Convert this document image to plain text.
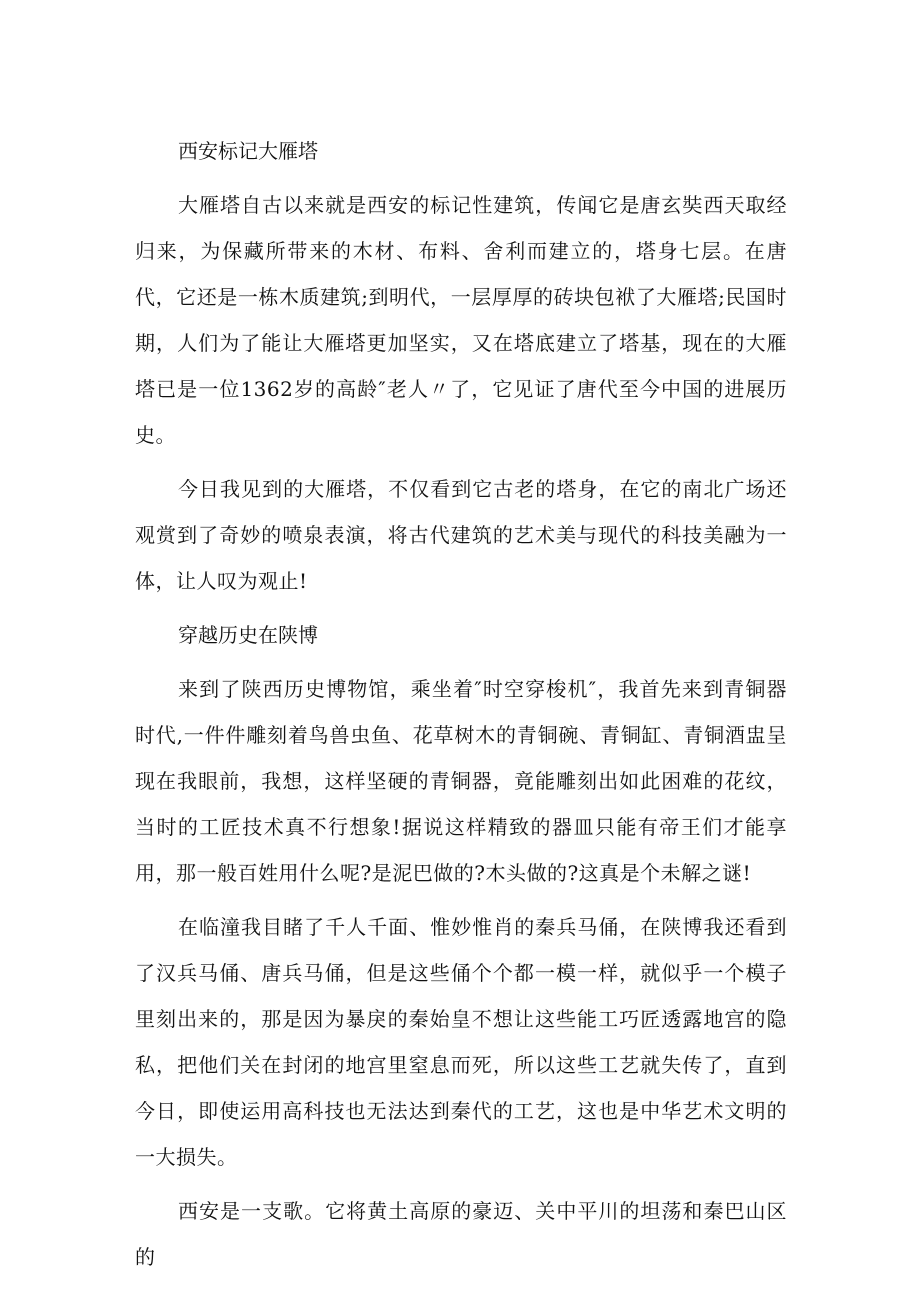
西安标记大雁塔

大雁塔自古以来就是西安的标记性建筑，传闻它是唐玄奘西天取经归来，为保藏所带来的木材、布料、舍利而建立的，塔身七层。在唐代，它还是一栋木质建筑;到明代，一层厚厚的砖块包袱了大雁塔;民国时期，人们为了能让大雁塔更加坚实，又在塔底建立了塔基，现在的大雁塔已是一位1362岁的高龄″老人〃了，它见证了唐代至今中国的进展历史。

今日我见到的大雁塔，不仅看到它古老的塔身，在它的南北广场还观赏到了奇妙的喷泉表演，将古代建筑的艺术美与现代的科技美融为一体，让人叹为观止!

穿越历史在陕博

来到了陕西历史博物馆，乘坐着″时空穿梭机″，我首先来到青铜器时代,一件件雕刻着鸟兽虫鱼、花草树木的青铜碗、青铜缸、青铜酒盅呈现在我眼前，我想，这样坚硬的青铜器，竟能雕刻出如此困难的花纹，当时的工匠技术真不行想象!据说这样精致的器皿只能有帝王们才能享用，那一般百姓用什么呢?是泥巴做的?木头做的?这真是个未解之谜!

在临潼我目睹了千人千面、惟妙惟肖的秦兵马俑，在陕博我还看到了汉兵马俑、唐兵马俑，但是这些俑个个都一模一样，就似乎一个模子里刻出来的，那是因为暴戾的秦始皇不想让这些能工巧匠透露地宫的隐私，把他们关在封闭的地宫里窒息而死，所以这些工艺就失传了，直到今日，即使运用高科技也无法达到秦代的工艺，这也是中华艺术文明的一大损失。

西安是一支歌。它将黄土高原的豪迈、关中平川的坦荡和秦巴山区的
